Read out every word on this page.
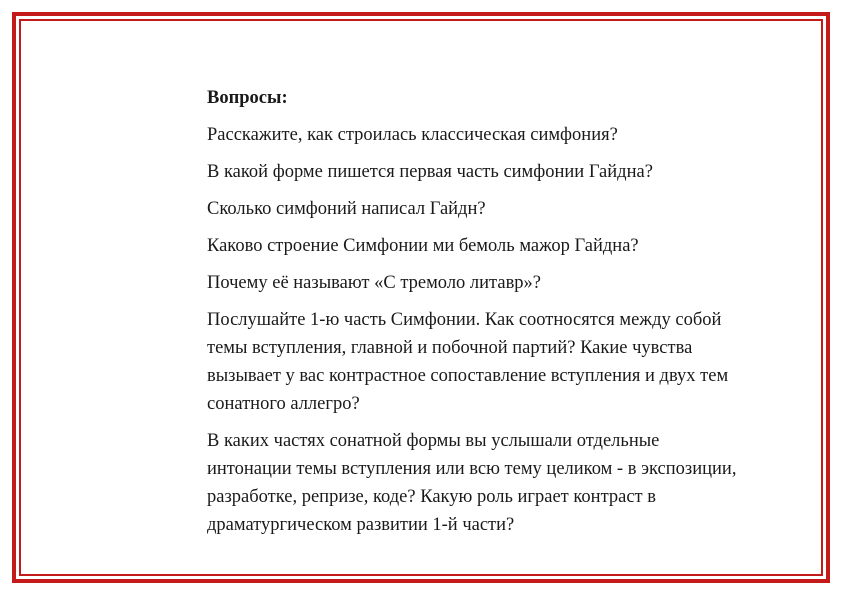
Вопросы:
Расскажите, как строилась классическая симфония?
В какой форме пишется первая часть симфонии Гайдна?
Сколько симфоний написал Гайдн?
Каково строение Симфонии ми бемоль мажор Гайдна?
Почему её называют «С тремоло литавр»?
Послушайте 1-ю часть Симфонии. Как соотносятся между собой темы вступления, главной и побочной партий? Какие чувства вызывает у вас контрастное сопоставление вступления и двух тем сонатного аллегро?
В каких частях сонатной формы вы услышали отдельные интонации темы вступления или всю тему целиком - в экспозиции, разработке, репризе, коде? Какую роль играет контраст в драматургическом развитии 1-й части?
